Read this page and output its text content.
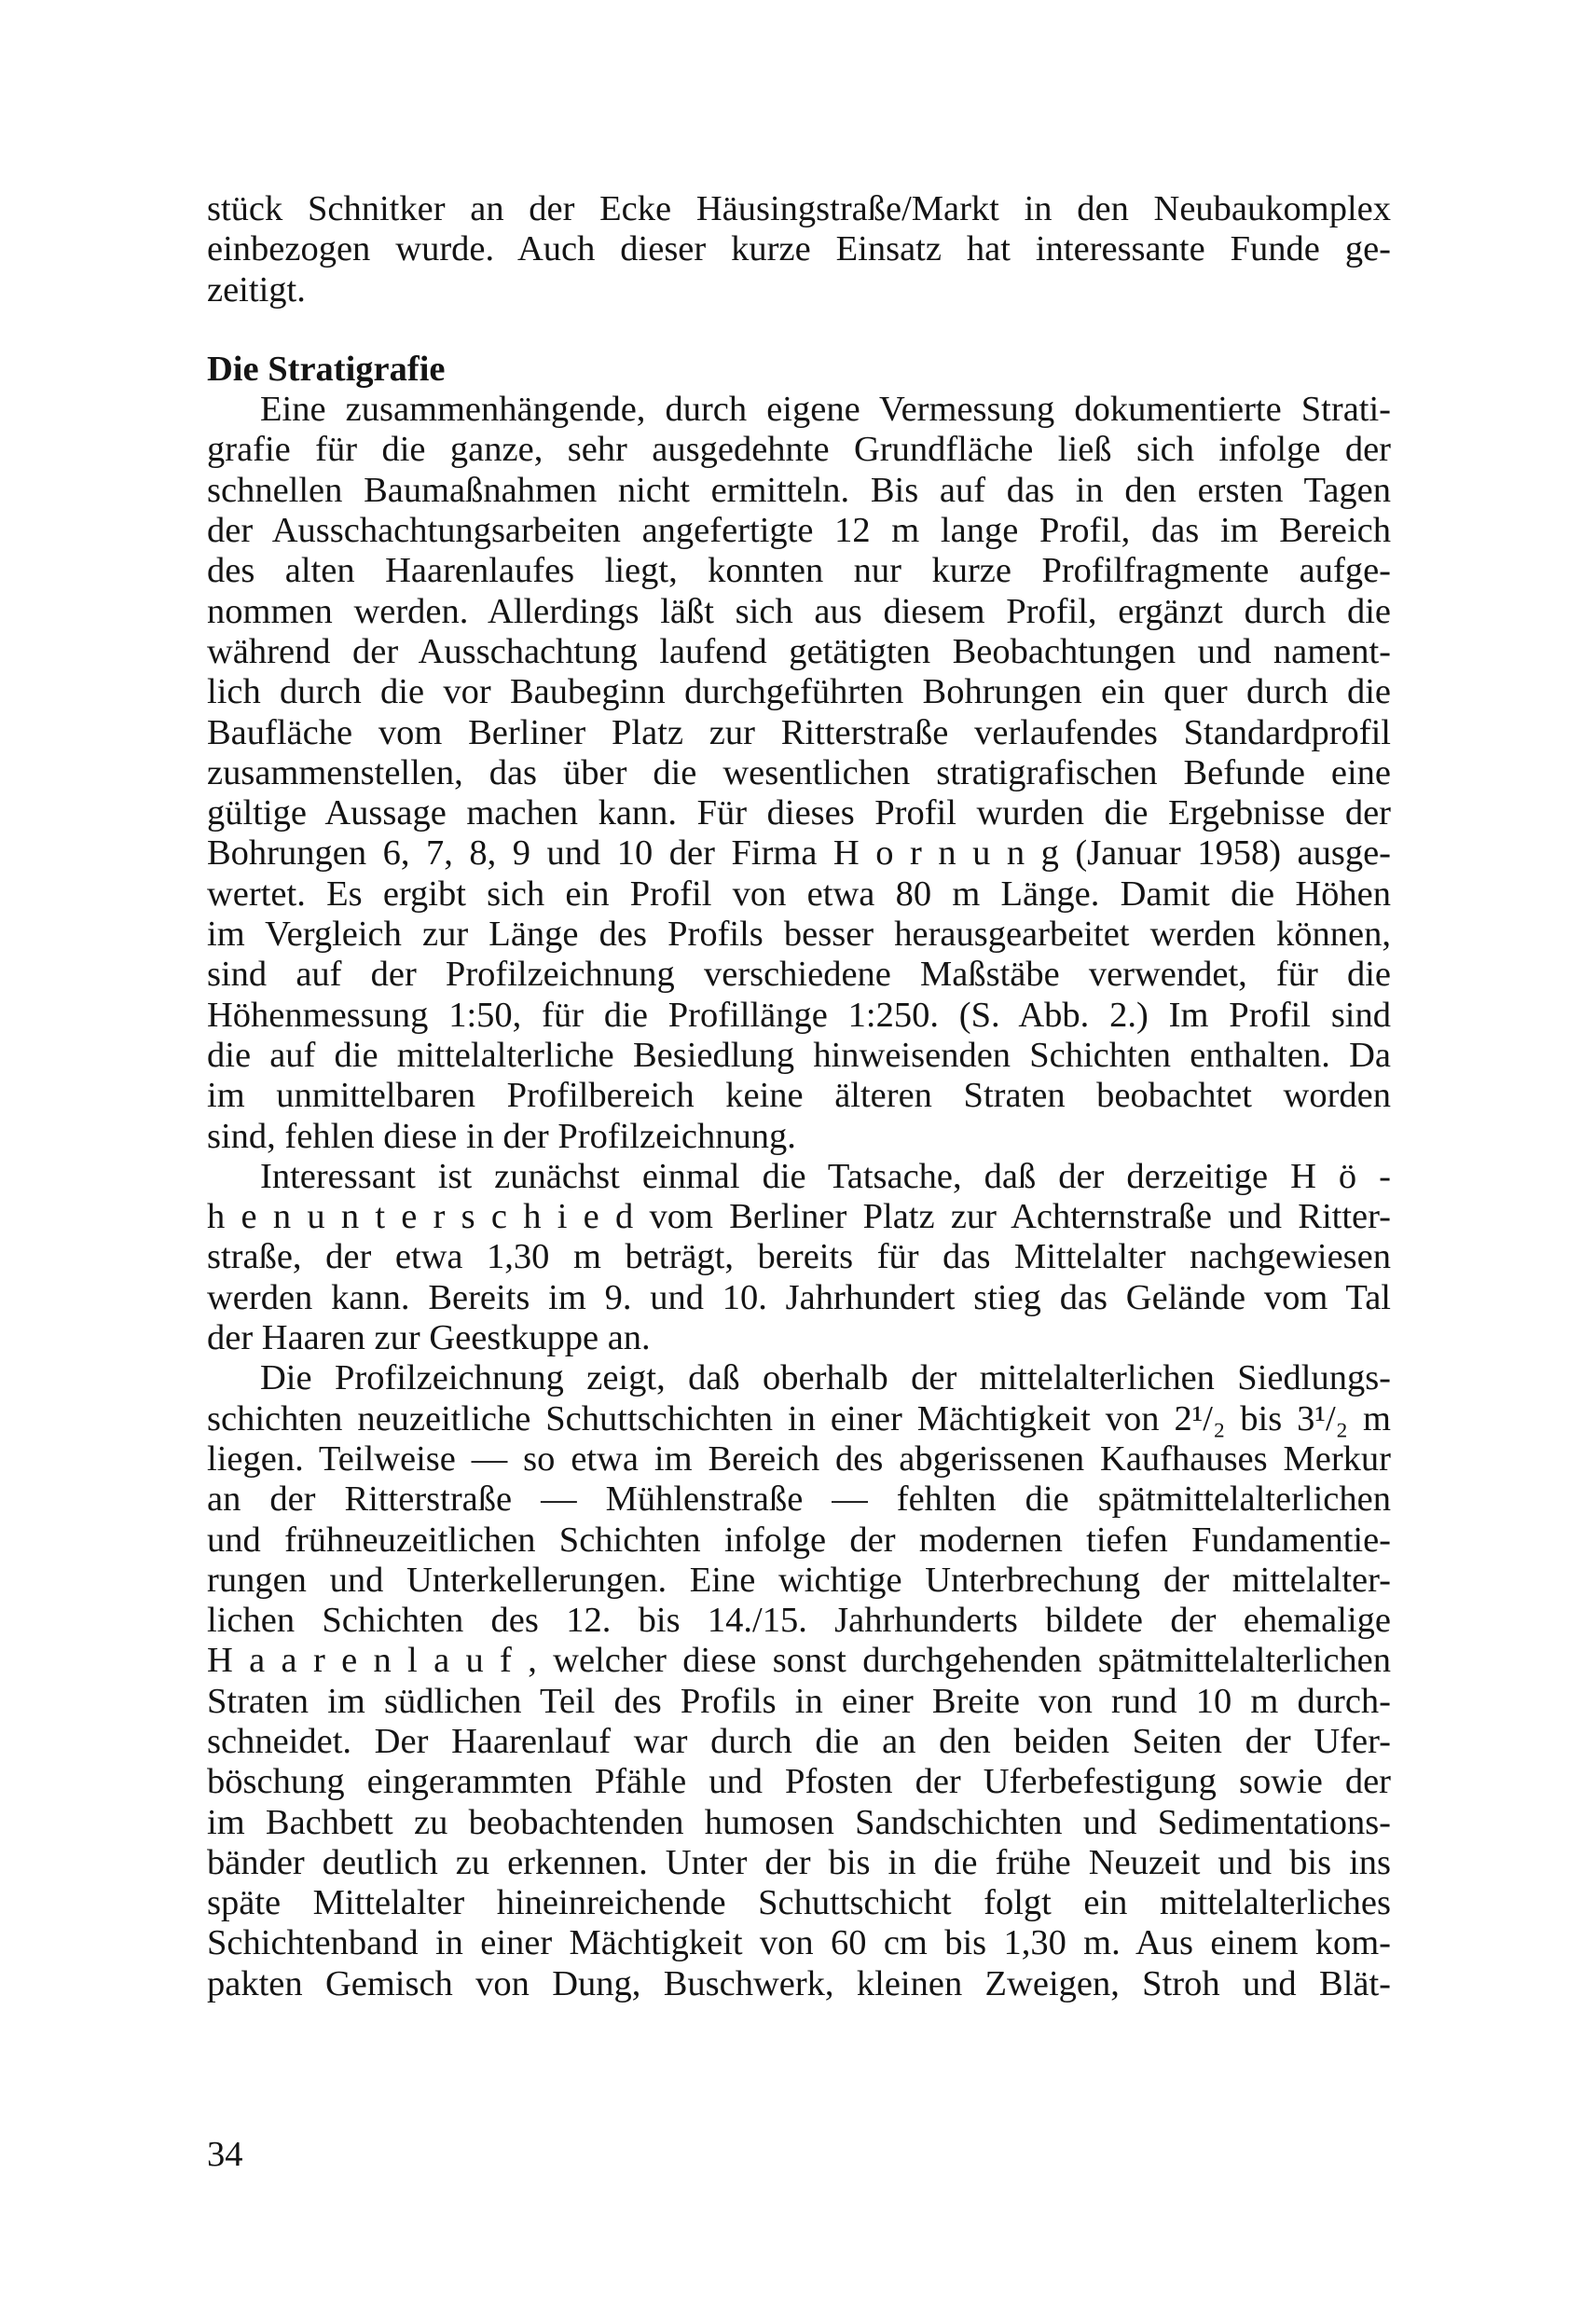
stück Schnitker an der Ecke Häusingstraße/Markt in den Neubaukomplex
einbezogen wurde. Auch dieser kurze Einsatz hat interessante Funde ge-
zeitigt.
Die Stratigrafie
Eine zusammenhängende, durch eigene Vermessung dokumentierte Strati-
grafie für die ganze, sehr ausgedehnte Grundfläche ließ sich infolge der
schnellen Baumaßnahmen nicht ermitteln. Bis auf das in den ersten Tagen
der Ausschachtungsarbeiten angefertigte 12 m lange Profil, das im Bereich
des alten Haarenlaufes liegt, konnten nur kurze Profilfragmente aufge-
nommen werden. Allerdings läßt sich aus diesem Profil, ergänzt durch die
während der Ausschachtung laufend getätigten Beobachtungen und nament-
lich durch die vor Baubeginn durchgeführten Bohrungen ein quer durch die
Baufläche vom Berliner Platz zur Ritterstraße verlaufendes Standardprofil
zusammenstellen, das über die wesentlichen stratigrafischen Befunde eine
gültige Aussage machen kann. Für dieses Profil wurden die Ergebnisse der
Bohrungen 6, 7, 8, 9 und 10 der Firma H o r n u n g (Januar 1958) ausge-
wertet. Es ergibt sich ein Profil von etwa 80 m Länge. Damit die Höhen
im Vergleich zur Länge des Profils besser herausgearbeitet werden können,
sind auf der Profilzeichnung verschiedene Maßstäbe verwendet, für die
Höhenmessung 1:50, für die Profillänge 1:250. (S. Abb. 2.) Im Profil sind
die auf die mittelalterliche Besiedlung hinweisenden Schichten enthalten. Da
im unmittelbaren Profilbereich keine älteren Straten beobachtet worden
sind, fehlen diese in der Profilzeichnung.
Interessant ist zunächst einmal die Tatsache, daß der derzeitige H ö -
h e n u n t e r s c h i e d vom Berliner Platz zur Achternstraße und Ritter-
straße, der etwa 1,30 m beträgt, bereits für das Mittelalter nachgewiesen
werden kann. Bereits im 9. und 10. Jahrhundert stieg das Gelände vom Tal
der Haaren zur Geestkuppe an.
Die Profilzeichnung zeigt, daß oberhalb der mittelalterlichen Siedlungs-
schichten neuzeitliche Schuttschichten in einer Mächtigkeit von 2¹/₂ bis 3¹/₂ m
liegen. Teilweise — so etwa im Bereich des abgerissenen Kaufhauses Merkur
an der Ritterstraße — Mühlenstraße — fehlten die spätmittelalterlichen
und frühneuzeitlichen Schichten infolge der modernen tiefen Fundamentie-
rungen und Unterkellerungen. Eine wichtige Unterbrechung der mittelalter-
lichen Schichten des 12. bis 14./15. Jahrhunderts bildete der ehemalige
H a a r e n l a u f , welcher diese sonst durchgehenden spätmittelalterlichen
Straten im südlichen Teil des Profils in einer Breite von rund 10 m durch-
schneidet. Der Haarenlauf war durch die an den beiden Seiten der Ufer-
böschung eingerammten Pfähle und Pfosten der Uferbefestigung sowie der
im Bachbett zu beobachtenden humosen Sandschichten und Sedimentations-
bänder deutlich zu erkennen. Unter der bis in die frühe Neuzeit und bis ins
späte Mittelalter hineinreichende Schuttschicht folgt ein mittelalterliches
Schichtenband in einer Mächtigkeit von 60 cm bis 1,30 m. Aus einem kom-
pakten Gemisch von Dung, Buschwerk, kleinen Zweigen, Stroh und Blät-
34
